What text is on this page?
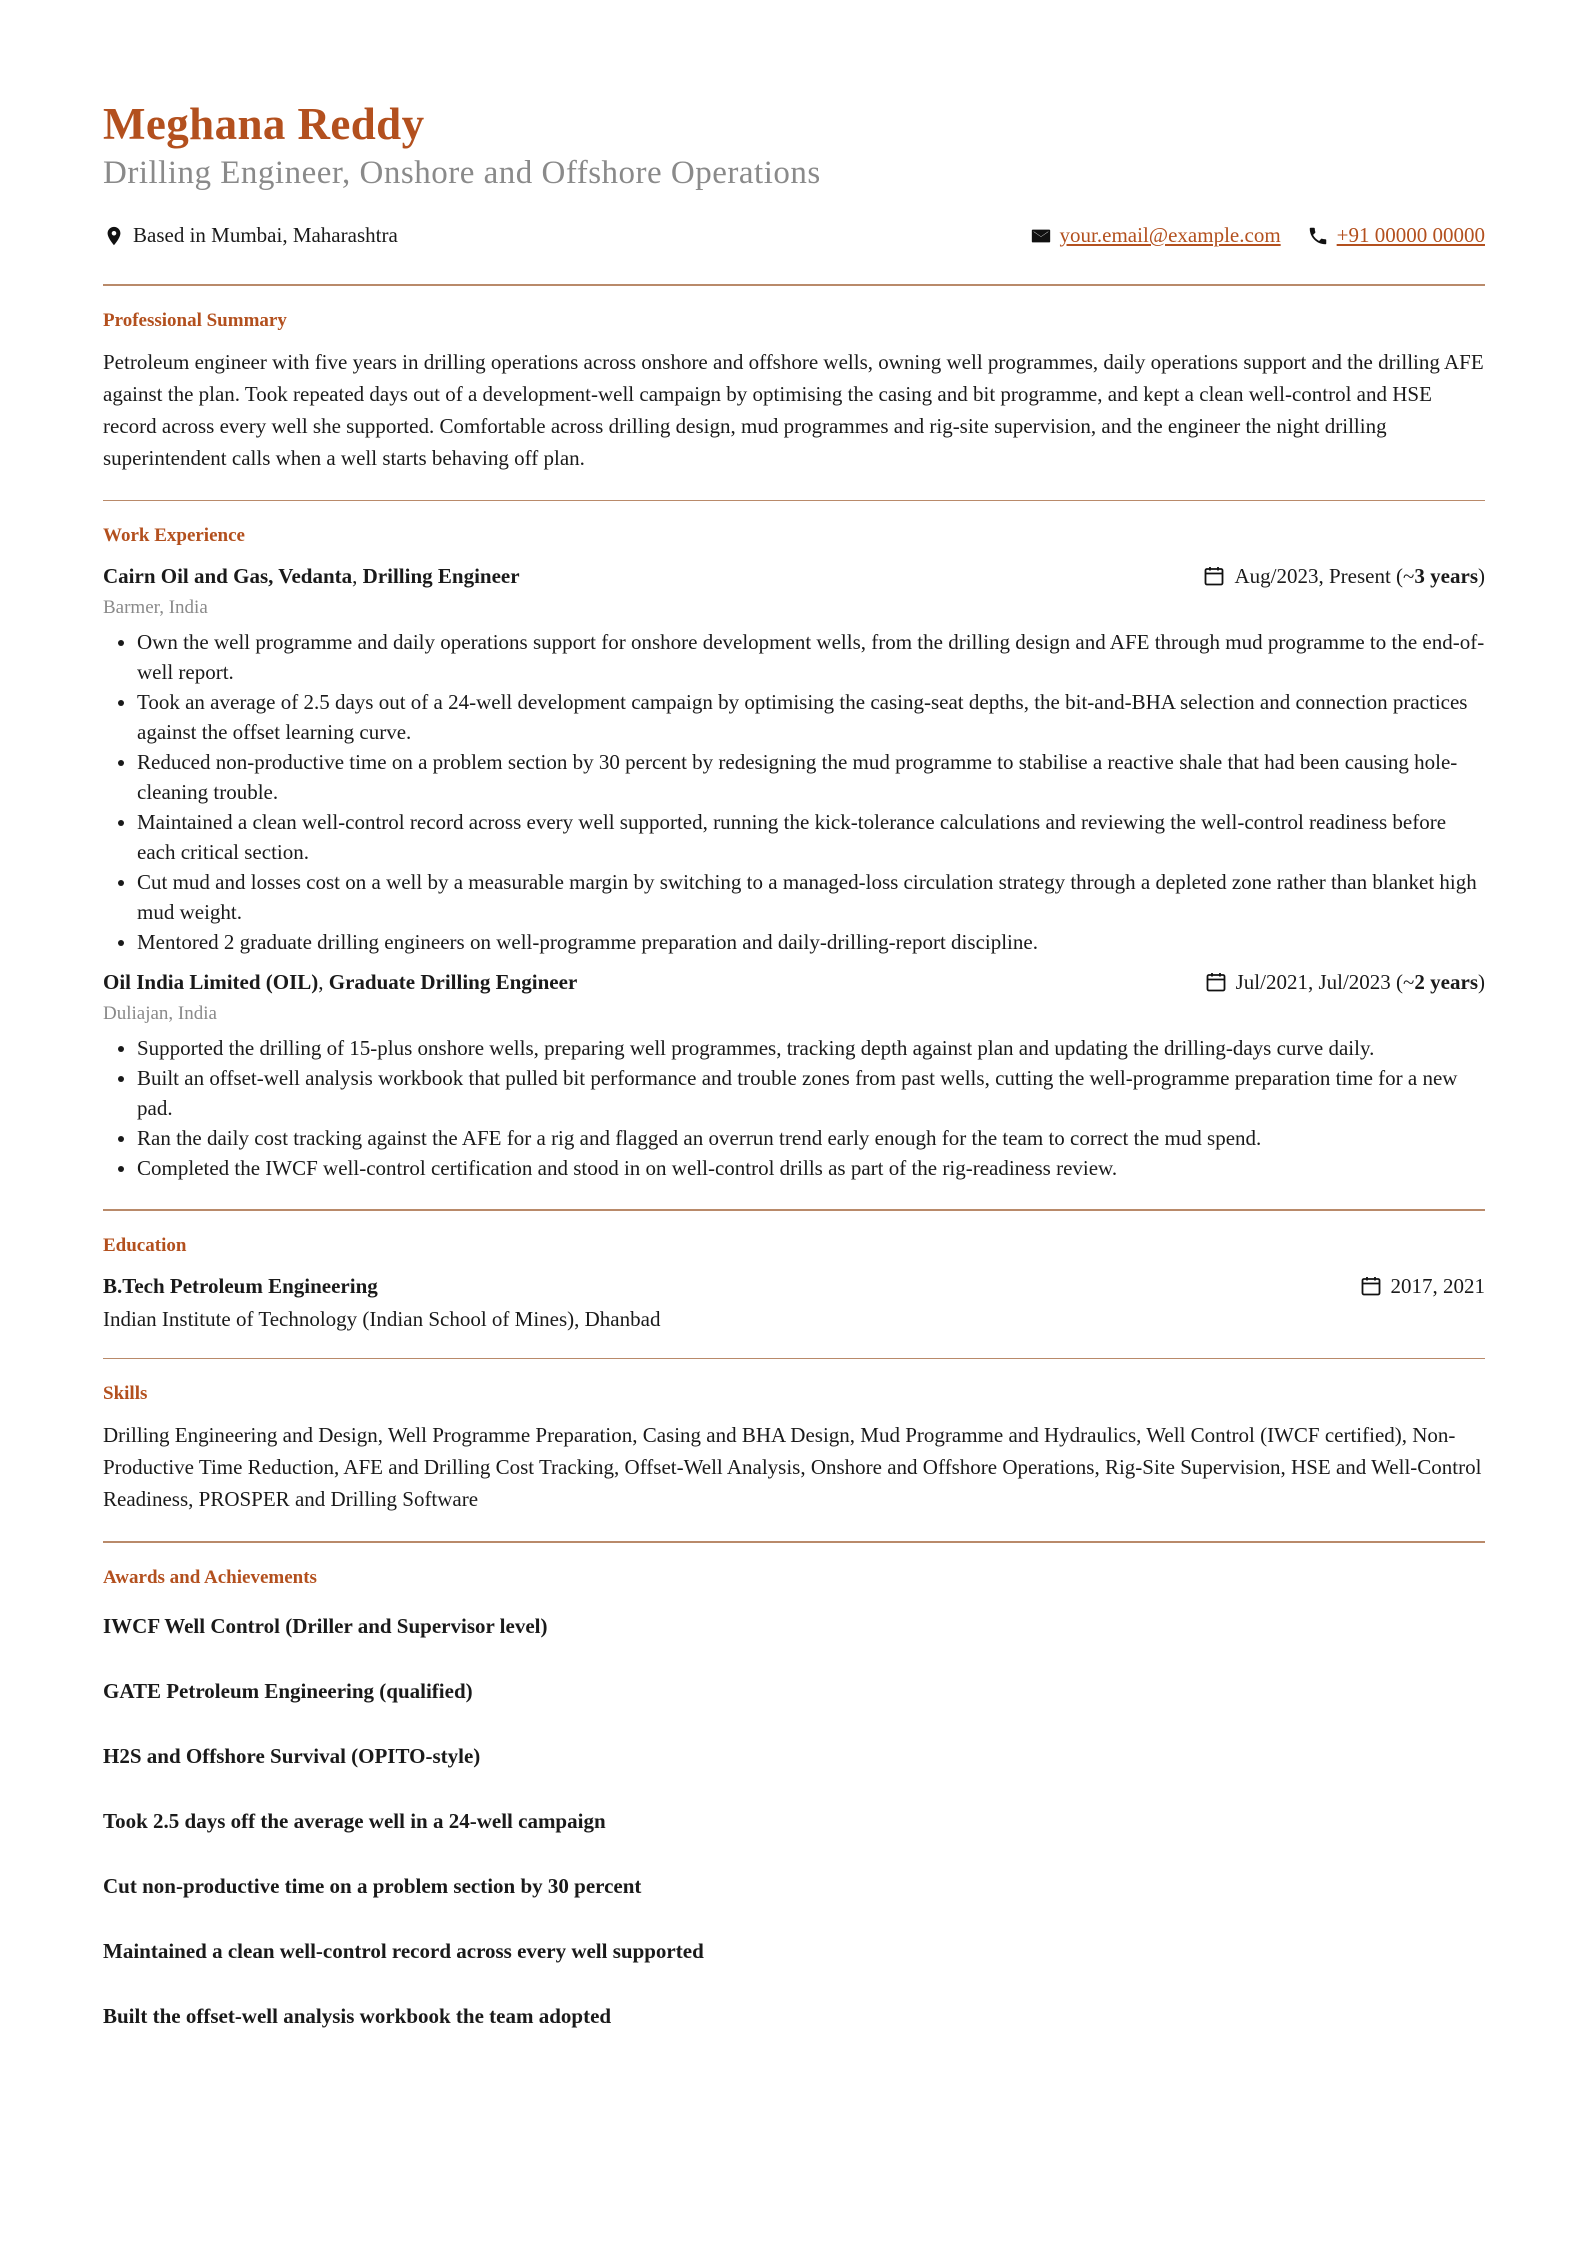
Meghana Reddy
Drilling Engineer, Onshore and Offshore Operations
Based in Mumbai, Maharashtra	your.email@example.com	+91 00000 00000
Professional Summary
Petroleum engineer with five years in drilling operations across onshore and offshore wells, owning well programmes, daily operations support and the drilling AFE against the plan. Took repeated days out of a development-well campaign by optimising the casing and bit programme, and kept a clean well-control and HSE record across every well she supported. Comfortable across drilling design, mud programmes and rig-site supervision, and the engineer the night drilling superintendent calls when a well starts behaving off plan.
Work Experience
Cairn Oil and Gas, Vedanta, Drilling Engineer	Aug/2023, Present (~ 3 years )
Barmer, India
• Own the well programme and daily operations support for onshore development wells, from the drilling design and AFE through mud programme to the end-of-well report.
• Took an average of 2.5 days out of a 24-well development campaign by optimising the casing-seat depths, the bit-and-BHA selection and connection practices against the offset learning curve.
• Reduced non-productive time on a problem section by 30 percent by redesigning the mud programme to stabilise a reactive shale that had been causing hole-cleaning trouble.
• Maintained a clean well-control record across every well supported, running the kick-tolerance calculations and reviewing the well-control readiness before each critical section.
• Cut mud and losses cost on a well by a measurable margin by switching to a managed-loss circulation strategy through a depleted zone rather than blanket high mud weight.
• Mentored 2 graduate drilling engineers on well-programme preparation and daily-drilling-report discipline.
Oil India Limited (OIL), Graduate Drilling Engineer	Jul/2021, Jul/2023 (~ 2 years )
Duliajan, India
• Supported the drilling of 15-plus onshore wells, preparing well programmes, tracking depth against plan and updating the drilling-days curve daily.
• Built an offset-well analysis workbook that pulled bit performance and trouble zones from past wells, cutting the well-programme preparation time for a new pad.
• Ran the daily cost tracking against the AFE for a rig and flagged an overrun trend early enough for the team to correct the mud spend.
• Completed the IWCF well-control certification and stood in on well-control drills as part of the rig-readiness review.
Education
B.Tech Petroleum Engineering	2017, 2021
Indian Institute of Technology (Indian School of Mines), Dhanbad
Skills
Drilling Engineering and Design, Well Programme Preparation, Casing and BHA Design, Mud Programme and Hydraulics, Well Control (IWCF certified), Non-Productive Time Reduction, AFE and Drilling Cost Tracking, Offset-Well Analysis, Onshore and Offshore Operations, Rig-Site Supervision, HSE and Well-Control Readiness, PROSPER and Drilling Software
Awards and Achievements
IWCF Well Control (Driller and Supervisor level)
GATE Petroleum Engineering (qualified)
H2S and Offshore Survival (OPITO-style)
Took 2.5 days off the average well in a 24-well campaign
Cut non-productive time on a problem section by 30 percent
Maintained a clean well-control record across every well supported
Built the offset-well analysis workbook the team adopted
